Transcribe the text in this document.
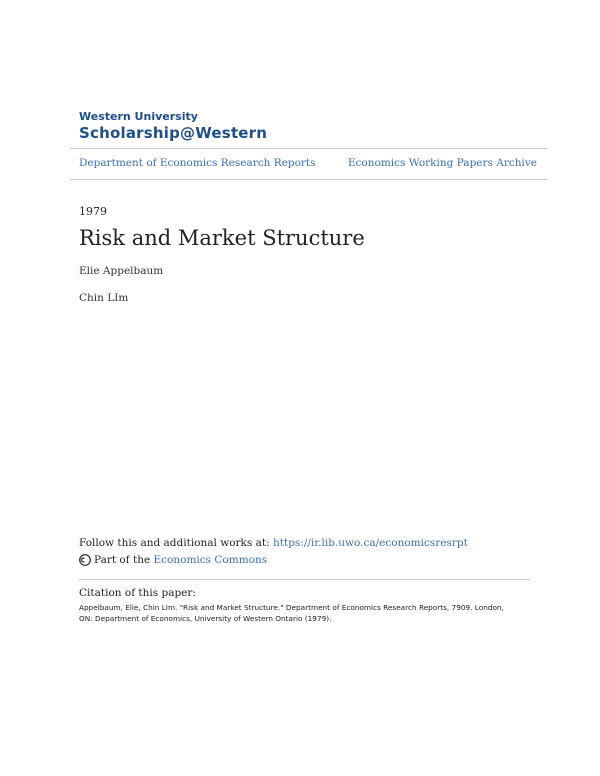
Western University
Scholarship@Western
Department of Economics Research Reports	Economics Working Papers Archive
1979
Risk and Market Structure
Elie Appelbaum
Chin LIm
Follow this and additional works at: https://ir.lib.uwo.ca/economicsresrpt
Part of the
Economics Commons
Citation of this paper:
Appelbaum, Elie, Chin LIm. "Risk and Market Structure." Department of Economics Research Reports, 7909. London, ON: Department of Economics, University of Western Ontario (1979).
